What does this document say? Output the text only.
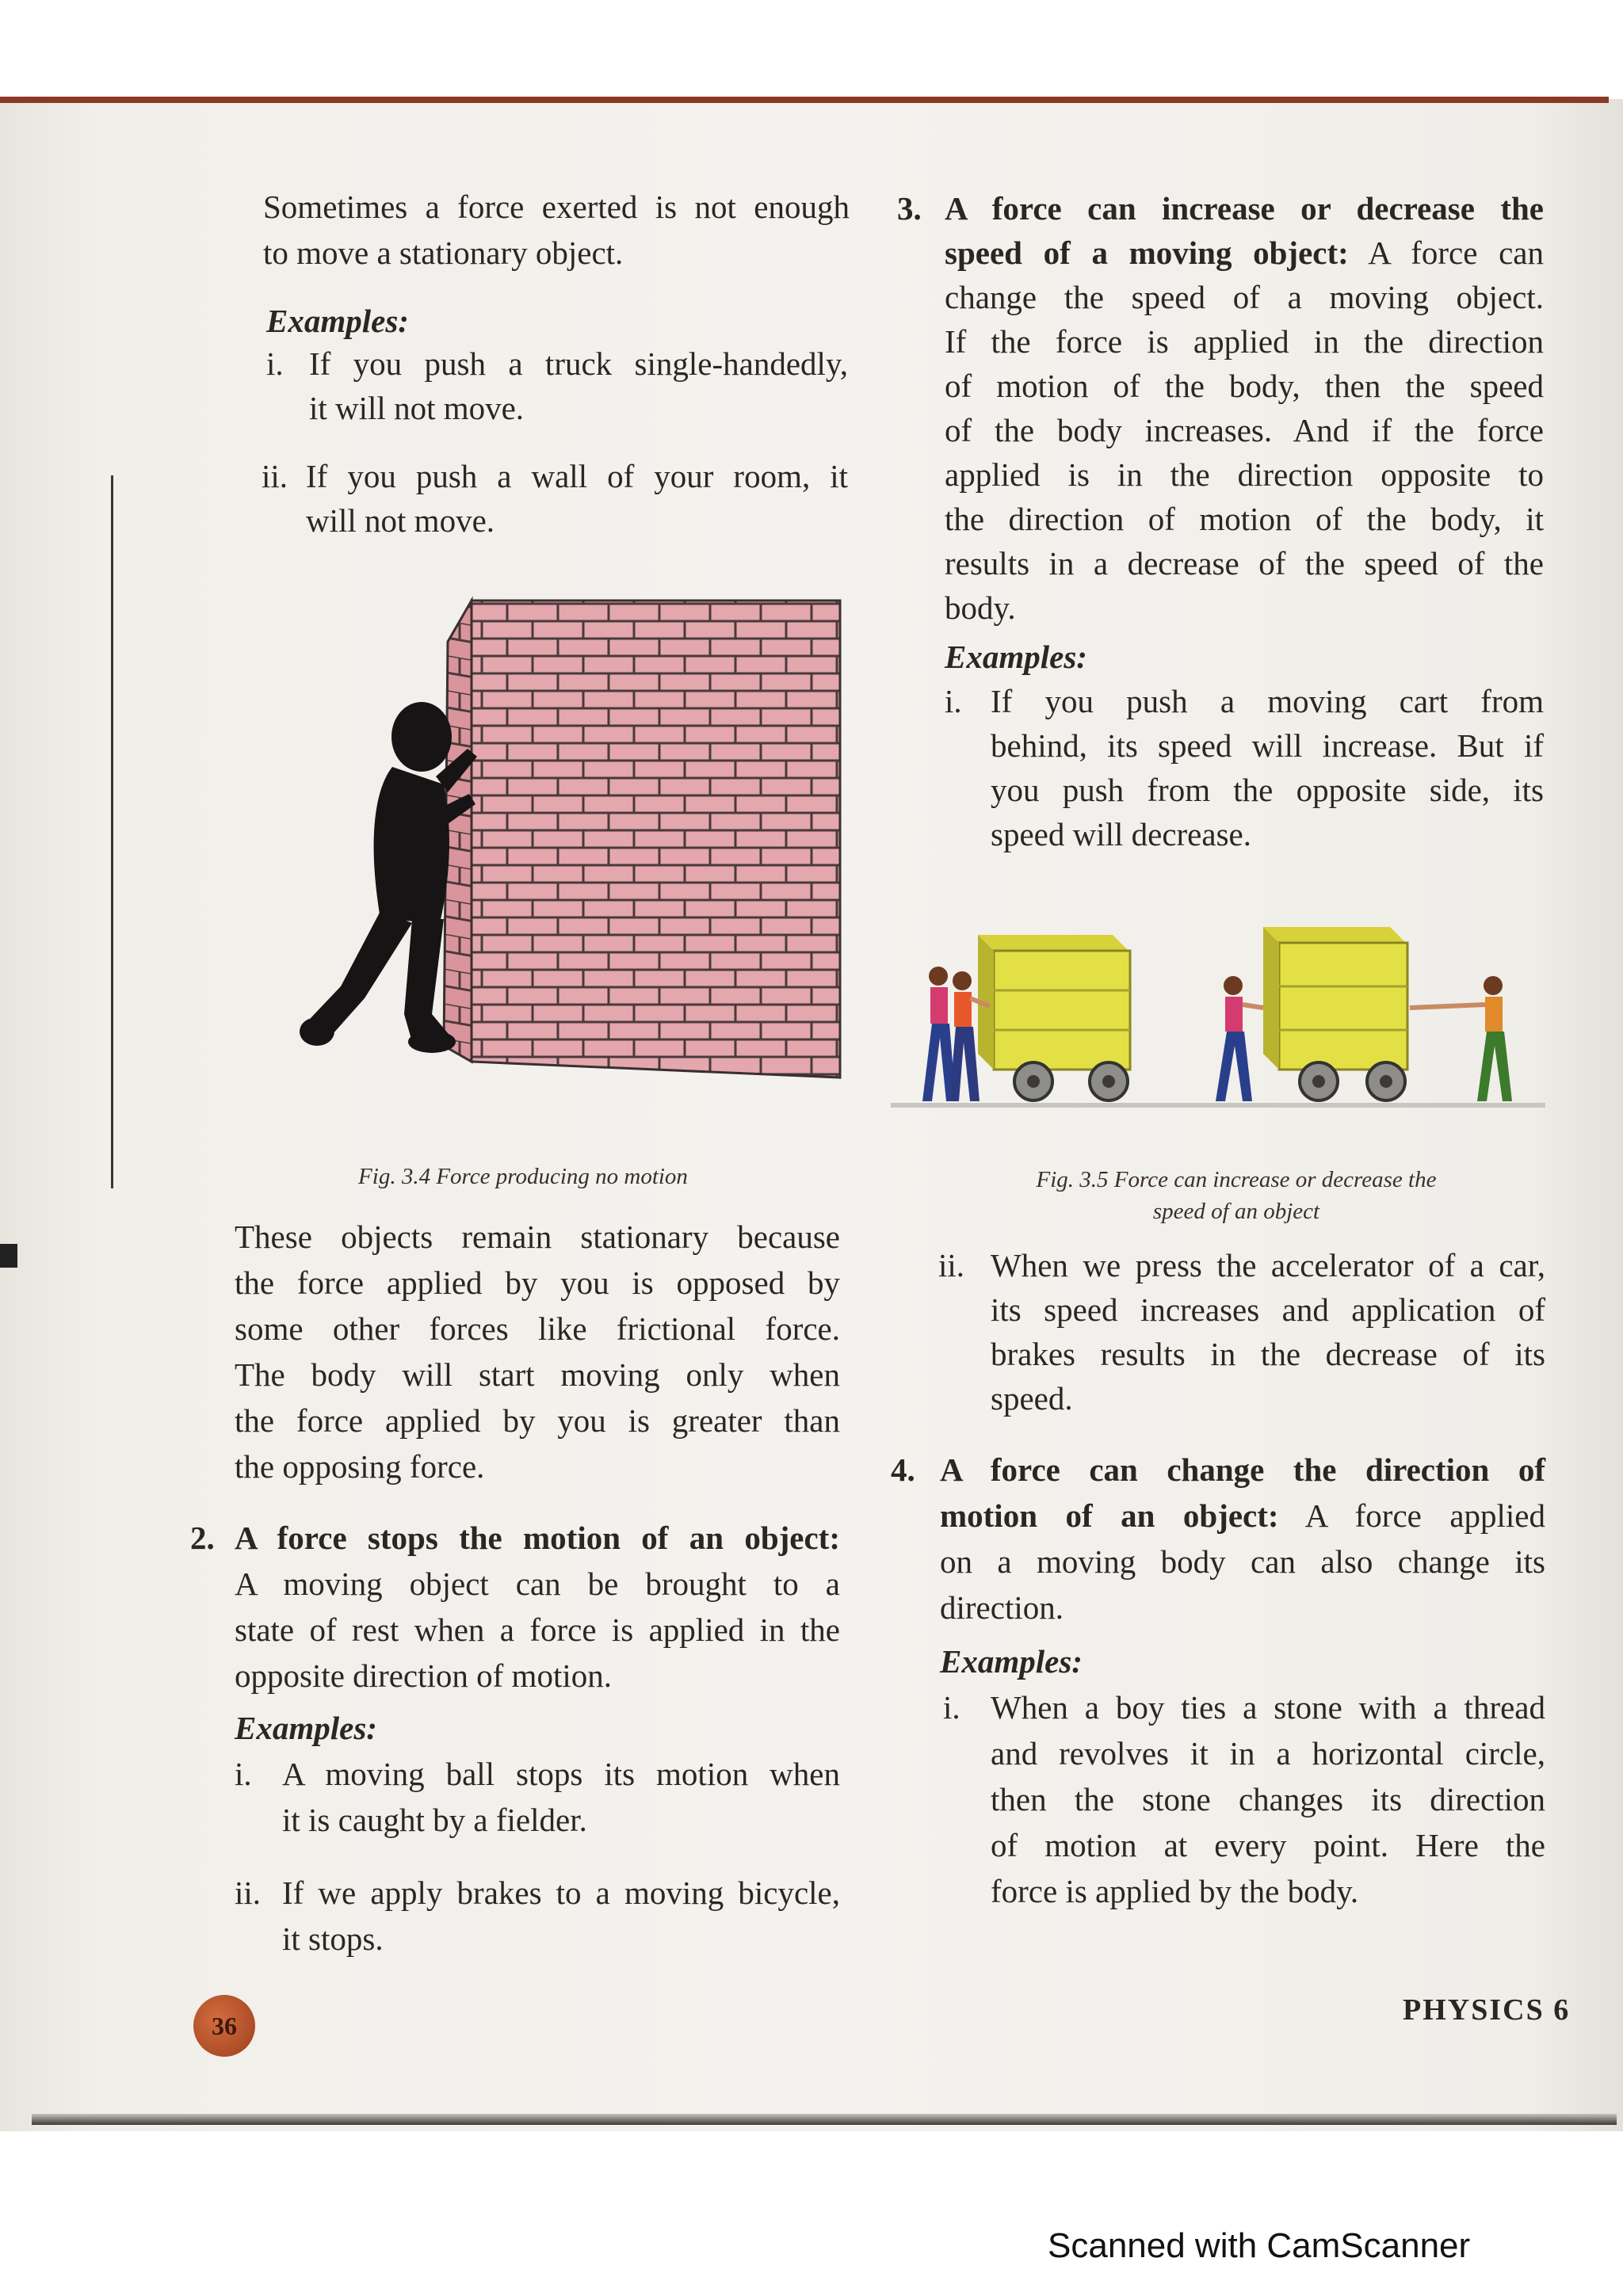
Sometimes a force exerted is not enough

to move a stationary object.

Examples:

i. If you push a truck single-handedly,

it will not move.

ii. If you push a wall of your room, it

will not move.

Fig. 3.4 Force producing no motion

These objects remain stationary because

the force applied by you is opposed by

some other forces like frictional force.

The body will start moving only when

the force applied by you is greater than

the opposing force.

2. A force stops the motion of an object:

A moving object can be brought to a

state of rest when a force is applied in the

opposite direction of motion.

Examples:

i. A moving ball stops its motion when

it is caught by a fielder.

ii. If we apply brakes to a moving bicycle,

it stops.

3. A force can increase or decrease the

speed of a moving object: A force can

change the speed of a moving object.

If the force is applied in the direction

of motion of the body, then the speed

of the body increases. And if the force

applied is in the direction opposite to

the direction of motion of the body, it

results in a decrease of the speed of the

body.

Examples:

i. If you push a moving cart from

behind, its speed will increase. But if

you push from the opposite side, its

speed will decrease.

Fig. 3.5 Force can increase or decrease the

speed of an object

ii. When we press the accelerator of a car,

its speed increases and application of

brakes results in the decrease of its

speed.

4. A force can change the direction of

motion of an object: A force applied

on a moving body can also change its

direction.

Examples:

i. When a boy ties a stone with a thread

and revolves it in a horizontal circle,

then the stone changes its direction

of motion at every point. Here the

force is applied by the body.

36	PHYSICS 6
Scanned with CamScanner
